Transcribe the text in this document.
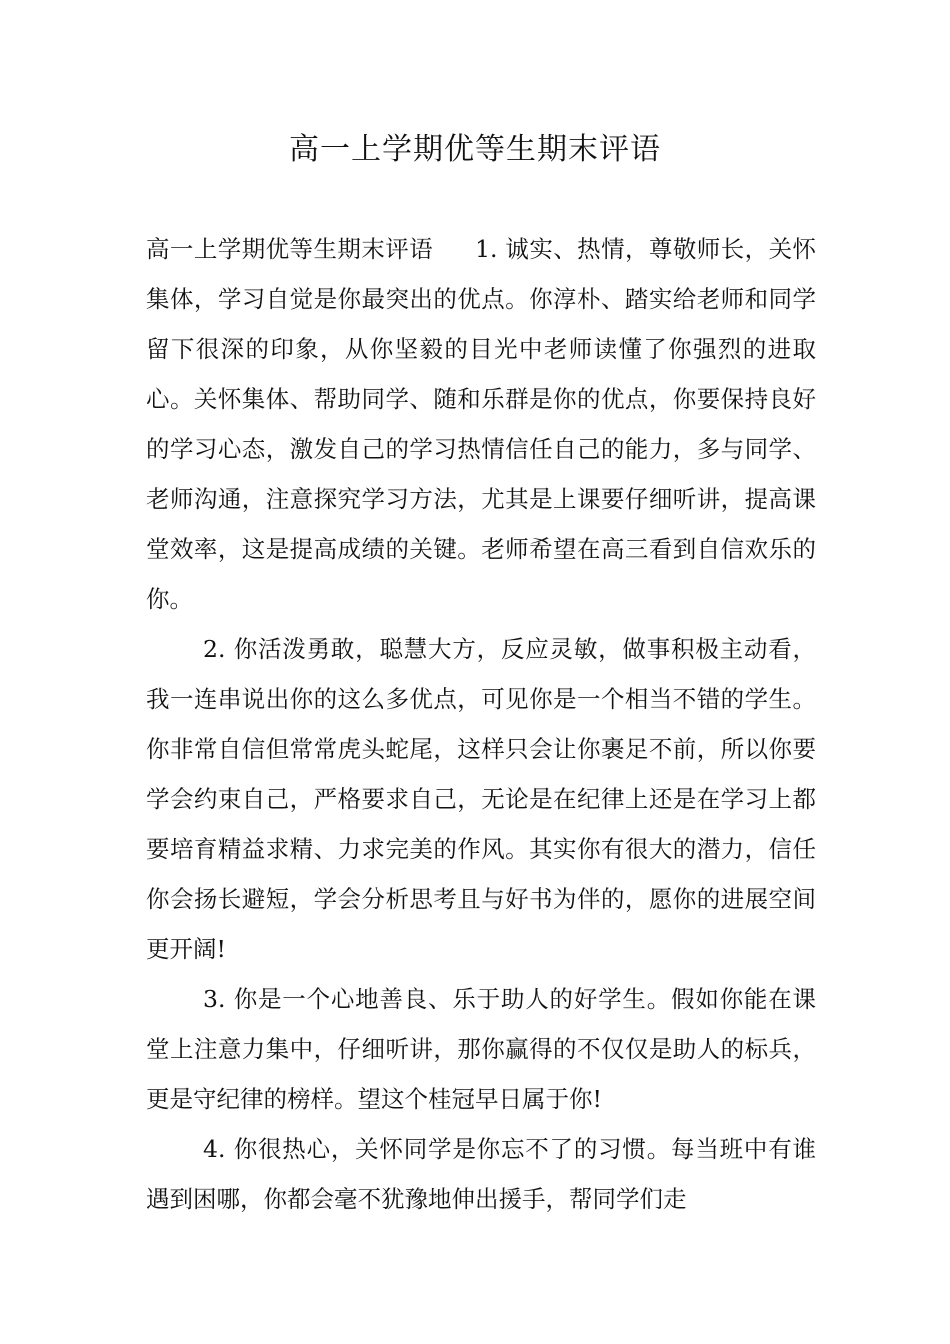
高一上学期优等生期末评语

高一上学期优等生期末评语 1. 诚实、热情，尊敬师长，关怀集体，学习自觉是你最突出的优点。你淳朴、踏实给老师和同学留下很深的印象，从你坚毅的目光中老师读懂了你强烈的进取心。关怀集体、帮助同学、随和乐群是你的优点，你要保持良好的学习心态，激发自己的学习热情信任自己的能力，多与同学、老师沟通，注意探究学习方法，尤其是上课要仔细听讲，提高课堂效率，这是提高成绩的关键。老师希望在高三看到自信欢乐的你。

2. 你活泼勇敢，聪慧大方，反应灵敏，做事积极主动看，我一连串说出你的这么多优点，可见你是一个相当不错的学生。你非常自信但常常虎头蛇尾，这样只会让你裹足不前，所以你要学会约束自己，严格要求自己，无论是在纪律上还是在学习上都要培育精益求精、力求完美的作风。其实你有很大的潜力，信任你会扬长避短，学会分析思考且与好书为伴的，愿你的进展空间更开阔!

3. 你是一个心地善良、乐于助人的好学生。假如你能在课堂上注意力集中，仔细听讲，那你赢得的不仅仅是助人的标兵，更是守纪律的榜样。望这个桂冠早日属于你!

4. 你很热心，关怀同学是你忘不了的习惯。每当班中有谁遇到困哪，你都会毫不犹豫地伸出援手，帮同学们走
